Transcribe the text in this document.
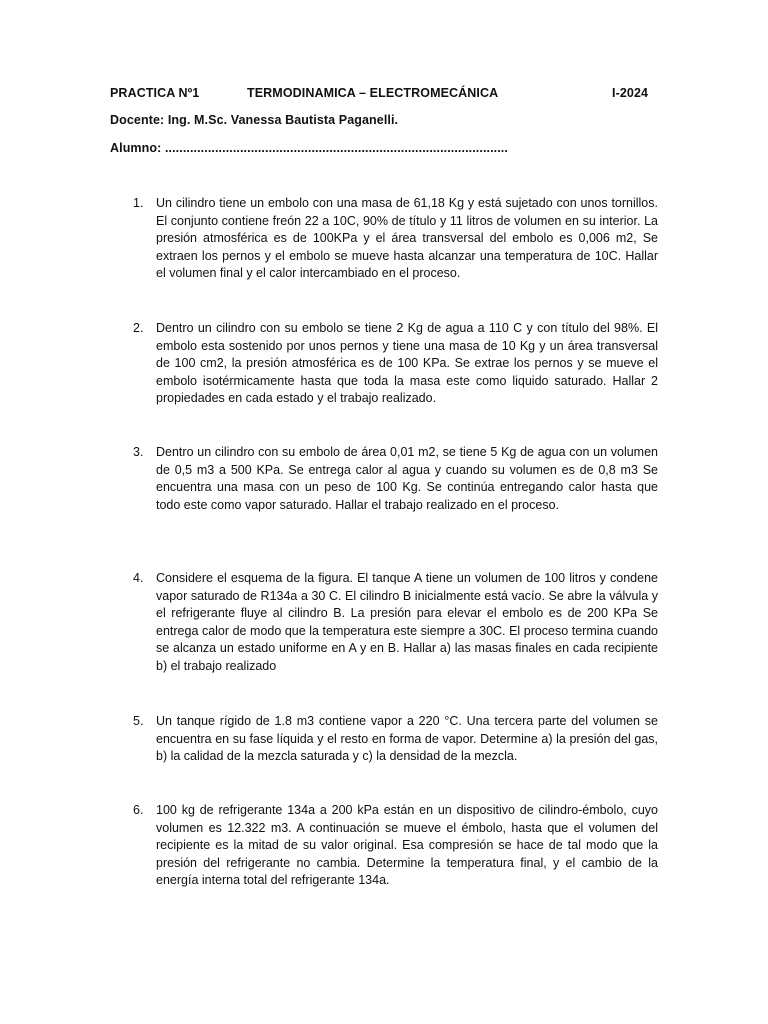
PRACTICA Nº1	TERMODINAMICA – ELECTROMECÁNICA	I-2024
Docente: Ing. M.Sc. Vanessa Bautista Paganelli.
Alumno: ................................................................................................
1. Un cilindro tiene un embolo con una masa de 61,18 Kg y está sujetado con unos tornillos. El conjunto contiene freón 22 a 10C, 90% de título y 11 litros de volumen en su interior. La presión atmosférica es de 100KPa y el área transversal del embolo es 0,006 m2, Se extraen los pernos y el embolo se mueve hasta alcanzar una temperatura de 10C. Hallar el volumen final y el calor intercambiado en el proceso.
2. Dentro un cilindro con su embolo se tiene 2 Kg de agua a 110 C y con título del 98%. El embolo esta sostenido por unos pernos y tiene una masa de 10 Kg y un área transversal de 100 cm2, la presión atmosférica es de 100 KPa. Se extrae los pernos y se mueve el embolo isotérmicamente hasta que toda la masa este como liquido saturado. Hallar 2 propiedades en cada estado y el trabajo realizado.
3. Dentro un cilindro con su embolo de área 0,01 m2, se tiene 5 Kg de agua con un volumen de 0,5 m3 a 500 KPa. Se entrega calor al agua y cuando su volumen es de 0,8 m3 Se encuentra una masa con un peso de 100 Kg. Se continúa entregando calor hasta que todo este como vapor saturado. Hallar el trabajo realizado en el proceso.
4. Considere el esquema de la figura. El tanque A tiene un volumen de 100 litros y condene vapor saturado de R134a a 30 C. El cilindro B inicialmente está vacío. Se abre la válvula y el refrigerante fluye al cilindro B. La presión para elevar el embolo es de 200 KPa Se entrega calor de modo que la temperatura este siempre a 30C. El proceso termina cuando se alcanza un estado uniforme en A y en B. Hallar a) las masas finales en cada recipiente b) el trabajo realizado
5. Un tanque rígido de 1.8 m3 contiene vapor a 220 °C. Una tercera parte del volumen se encuentra en su fase líquida y el resto en forma de vapor. Determine a) la presión del gas, b) la calidad de la mezcla saturada y c) la densidad de la mezcla.
6. 100 kg de refrigerante 134a a 200 kPa están en un dispositivo de cilindro-émbolo, cuyo volumen es 12.322 m3. A continuación se mueve el émbolo, hasta que el volumen del recipiente es la mitad de su valor original. Esa compresión se hace de tal modo que la presión del refrigerante no cambia. Determine la temperatura final, y el cambio de la energía interna total del refrigerante 134a.
